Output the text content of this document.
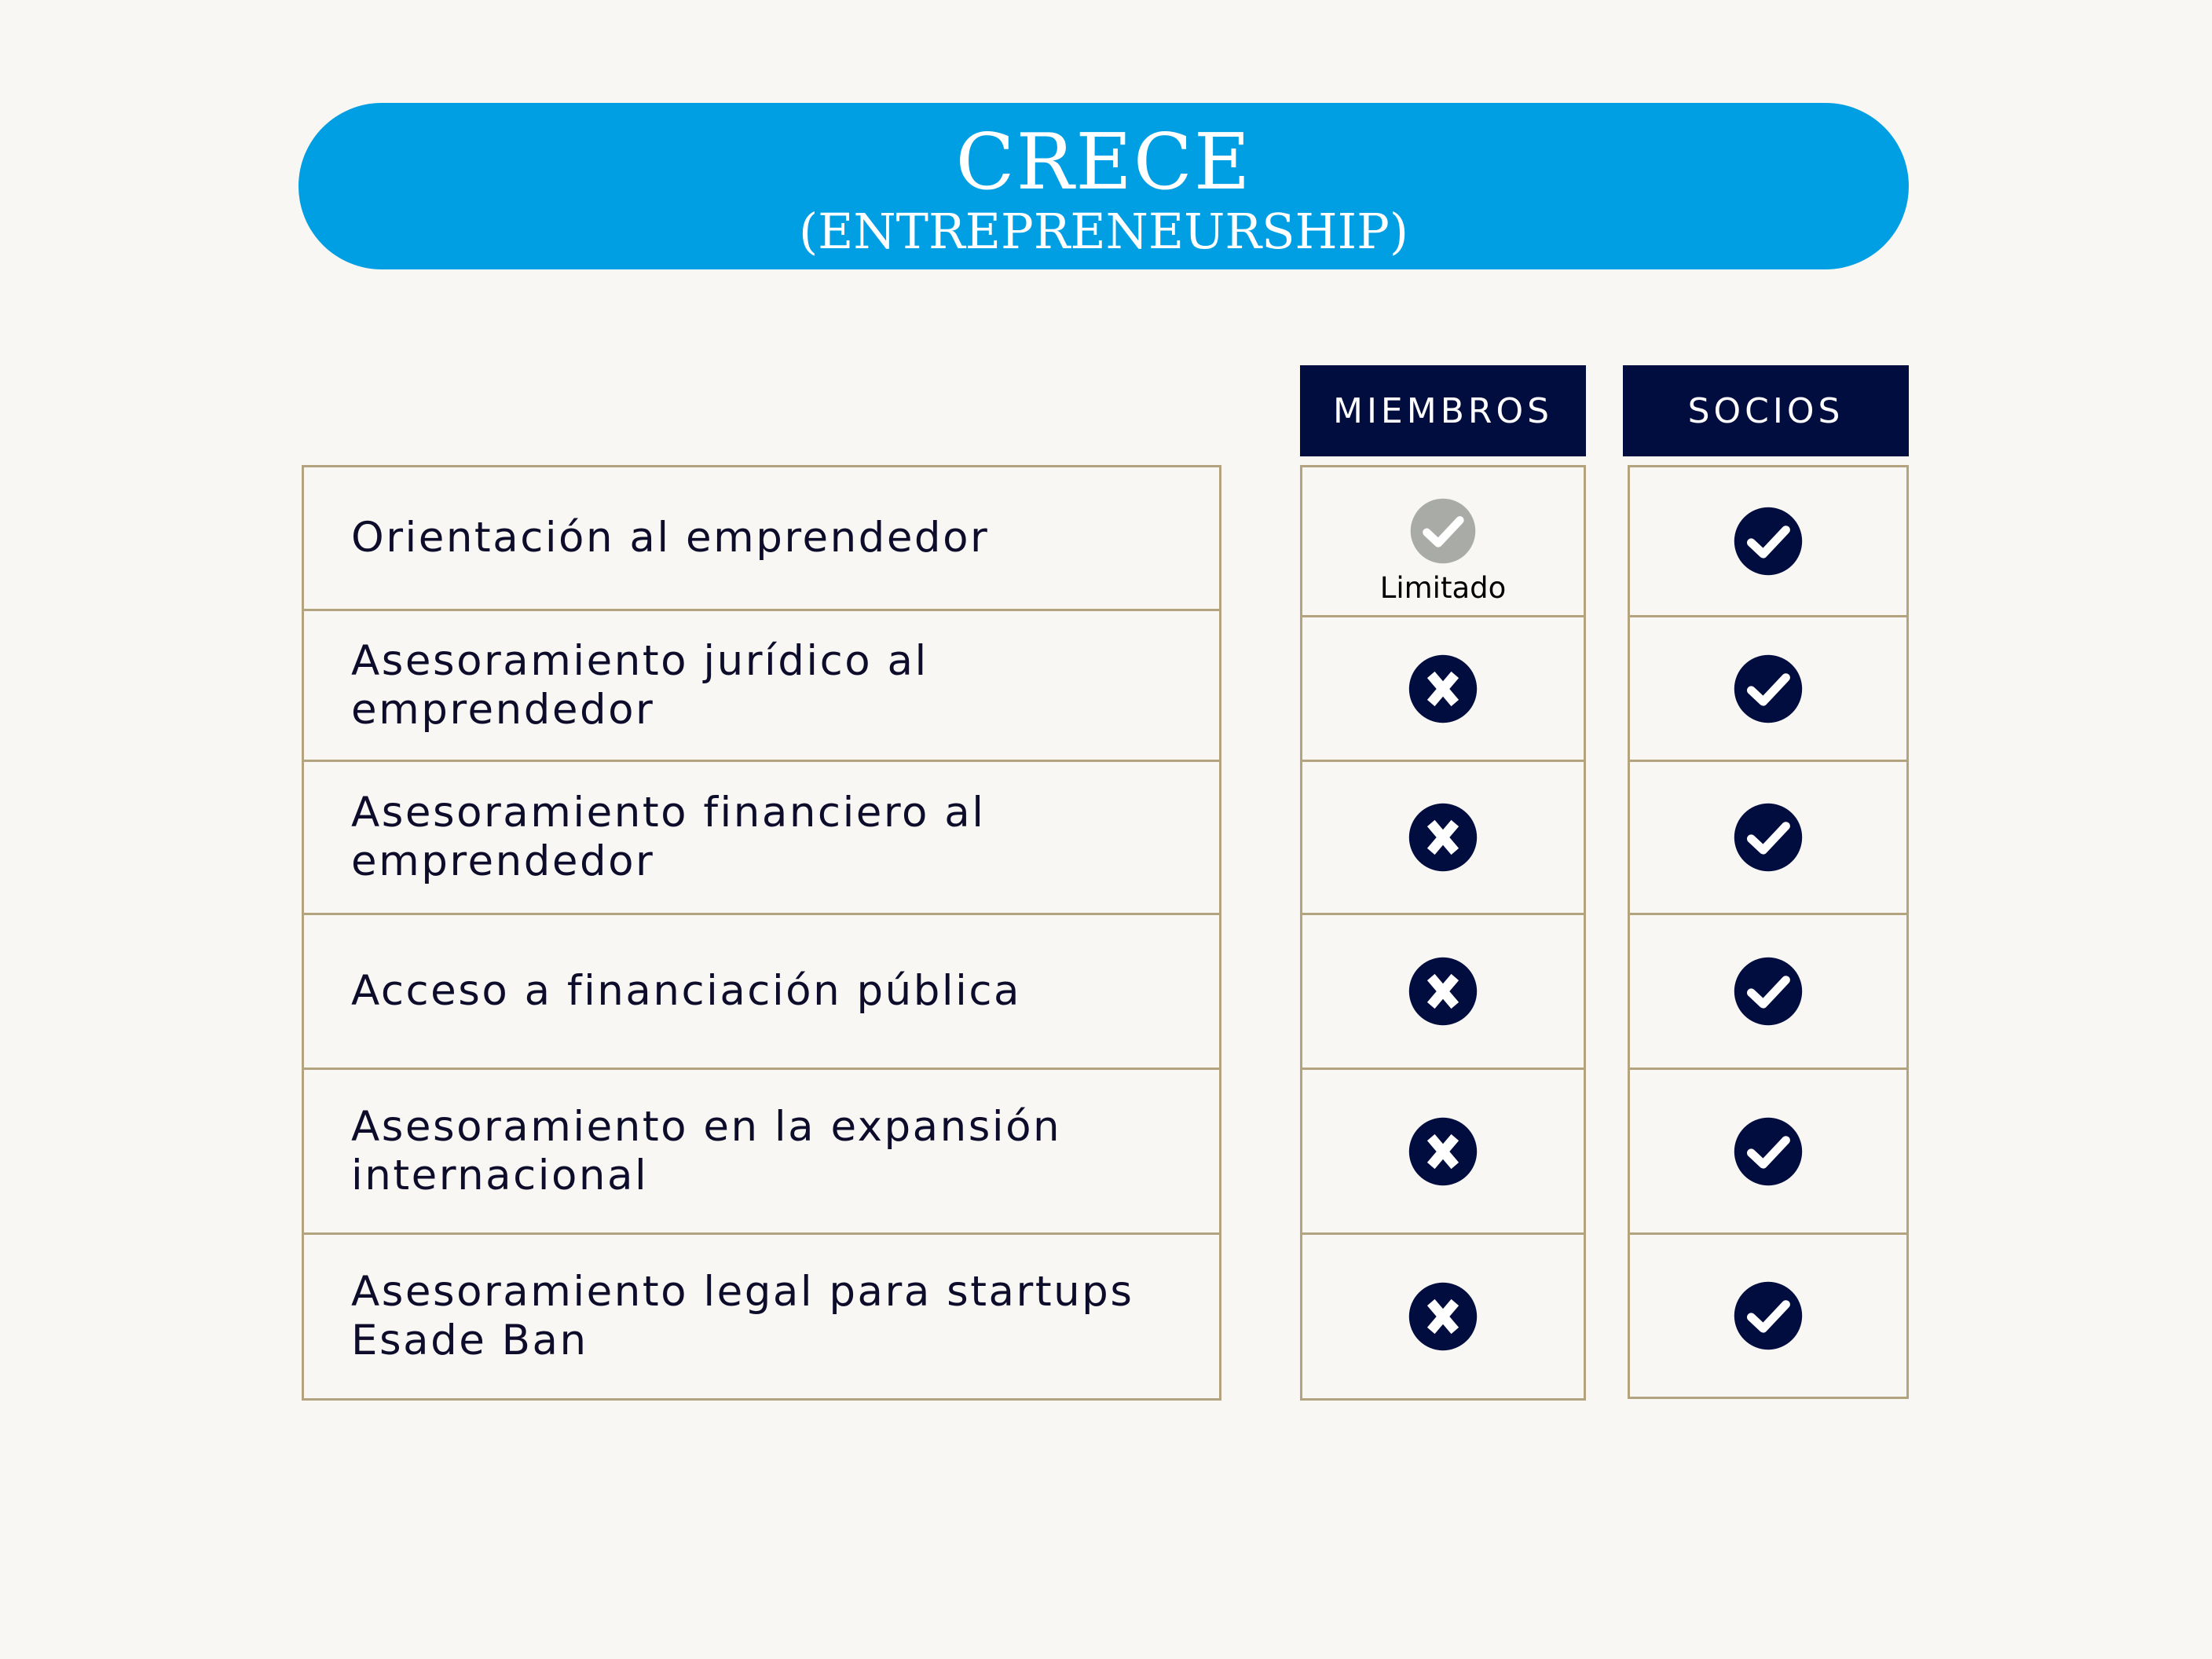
CRECE
(ENTREPRENEURSHIP)
MIEMBROS	SOCIOS
Orientación al emprendedor
Limitado
Asesoramiento jurídico al emprendedor
Asesoramiento financiero al emprendedor
Acceso a financiación pública
Asesoramiento en la expansión internacional
Asesoramiento legal para startups Esade Ban
